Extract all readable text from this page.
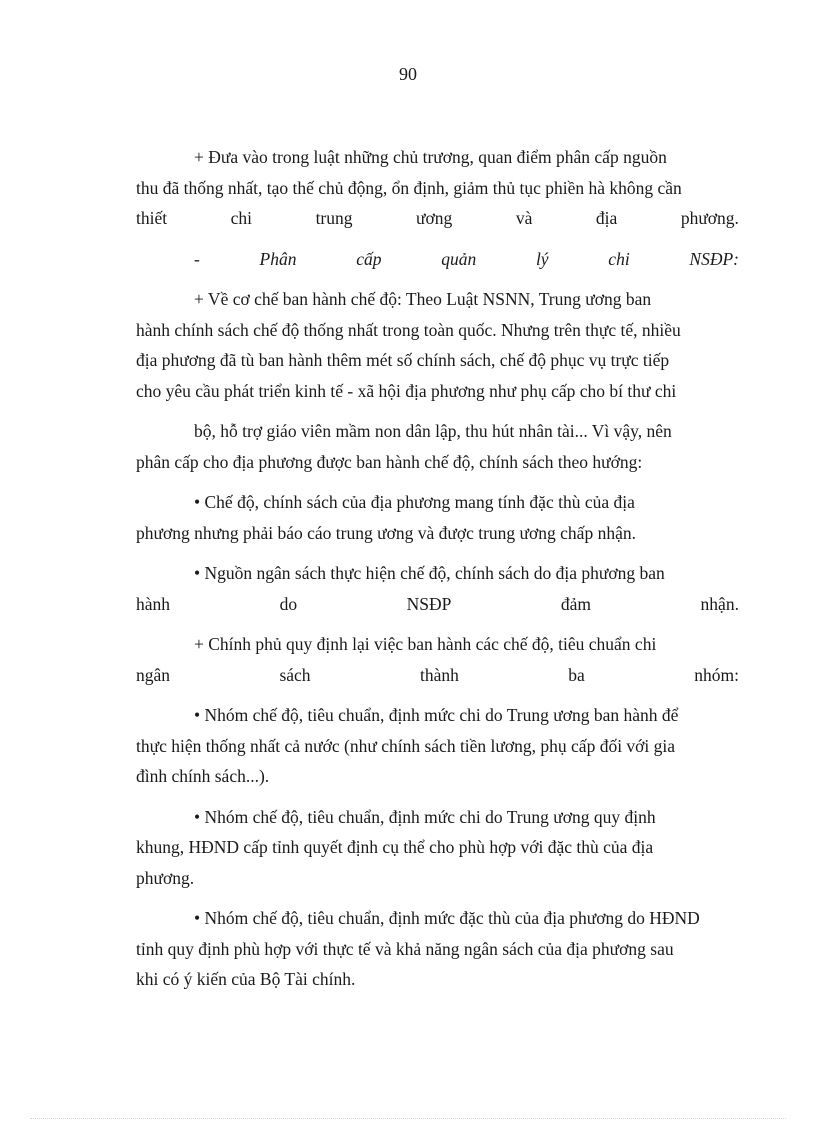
90

+ Đưa vào trong luật những chủ trương, quan điểm phân cấp nguồn

thu đã thống nhất, tạo thế chủ động, ổn định, giảm thủ tục phiền hà không cần

thiết	chi	trung	ương	và	địa	phương.
-	Phân	cấp	quản	lý	chi	NSĐP:

+ Về cơ chế ban hành chế độ: Theo Luật NSNN, Trung ương ban

hành chính sách chế độ thống nhất trong toàn quốc. Nhưng trên thực tế, nhiều

địa phương đã tù ban hành thêm mét số chính sách, chế độ phục vụ trực tiếp

cho yêu cầu phát triển kinh tế - xã hội địa phương như phụ cấp cho bí thư chi

bộ, hỗ trợ giáo viên mầm non dân lập, thu hút nhân tài... Vì vậy, nên

phân cấp cho địa phương được ban hành chế độ, chính sách theo hướng:

• Chế độ, chính sách của địa phương mang tính đặc thù của địa

phương nhưng phải báo cáo trung ương và được trung ương chấp nhận.

• Nguồn ngân sách thực hiện chế độ, chính sách do địa phương ban

hành	do	NSĐP	đảm	nhận.

+ Chính phủ quy định lại việc ban hành các chế độ, tiêu chuẩn chi

ngân	sách	thành	ba	nhóm:

• Nhóm chế độ, tiêu chuẩn, định mức chi do Trung ương ban hành để

thực hiện thống nhất cả nước (như chính sách tiền lương, phụ cấp đối với gia

đình chính sách...).

• Nhóm chế độ, tiêu chuẩn, định mức chi do Trung ương quy định

khung, HĐND cấp tỉnh quyết định cụ thể cho phù hợp với đặc thù của địa

phương.

• Nhóm chế độ, tiêu chuẩn, định mức đặc thù của địa phương do HĐND

tỉnh quy định phù hợp với thực tế và khả năng ngân sách của địa phương sau

khi có ý kiến của Bộ Tài chính.
